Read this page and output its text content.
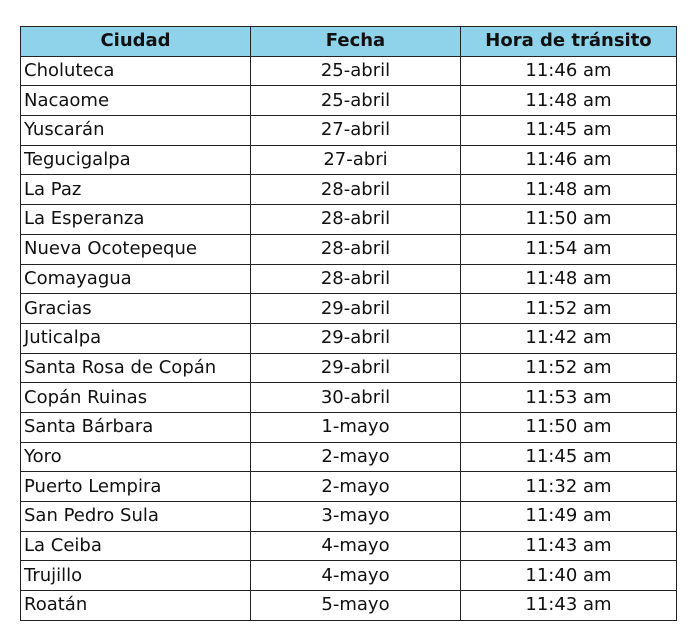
Ciudad	Fecha	Hora de tránsito
Choluteca	25-abril	11:46 am
Nacaome	25-abril	11:48 am
Yuscarán	27-abril	11:45 am
Tegucigalpa	27-abri	11:46 am
La Paz	28-abril	11:48 am
La Esperanza	28-abril	11:50 am
Nueva Ocotepeque	28-abril	11:54 am
Comayagua	28-abril	11:48 am
Gracias	29-abril	11:52 am
Juticalpa	29-abril	11:42 am
Santa Rosa de Copán	29-abril	11:52 am
Copán Ruinas	30-abril	11:53 am
Santa Bárbara	1-mayo	11:50 am
Yoro	2-mayo	11:45 am
Puerto Lempira	2-mayo	11:32 am
San Pedro Sula	3-mayo	11:49 am
La Ceiba	4-mayo	11:43 am
Trujillo	4-mayo	11:40 am
Roatán	5-mayo	11:43 am
